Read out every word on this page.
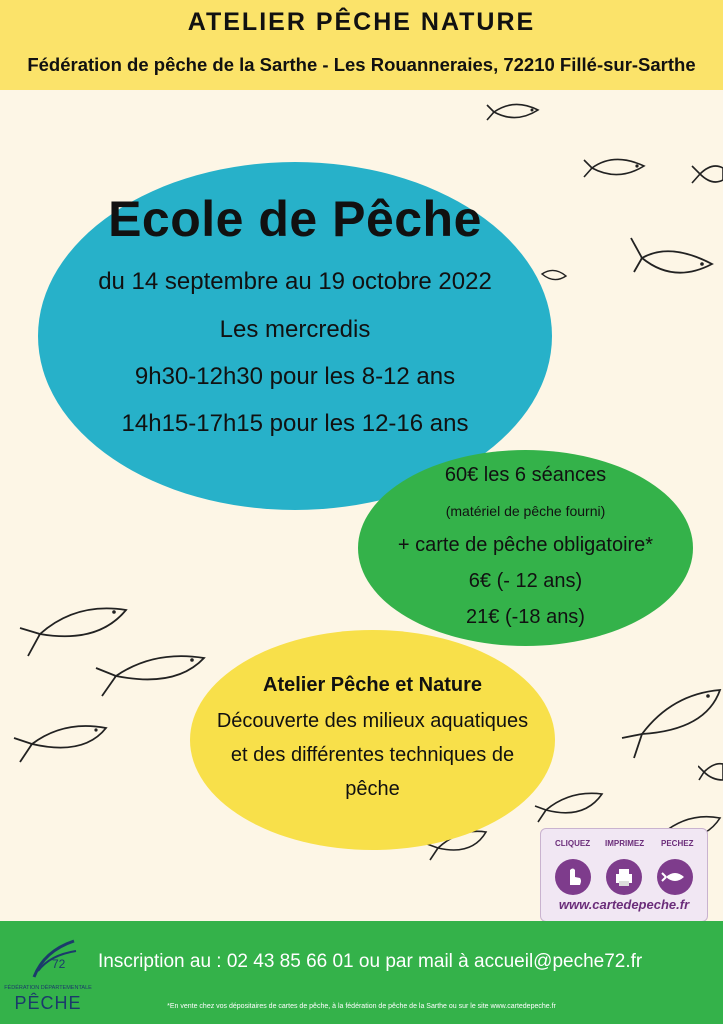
ATELIER PÊCHE NATURE
Fédération de pêche de la Sarthe - Les Rouanneraies, 72210 Fillé-sur-Sarthe
Ecole de Pêche
du 14 septembre au 19 octobre 2022
Les mercredis
9h30-12h30 pour les 8-12 ans
14h15-17h15 pour les 12-16 ans
60€ les 6 séances
(matériel de pêche fourni)
+ carte de pêche obligatoire*
6€ (- 12 ans)
21€ (-18 ans)
Atelier Pêche et Nature
Découverte des milieux aquatiques
et des différentes techniques de
pêche
CLIQUEZ IMPRIMEZ PECHEZ
www.cartedepeche.fr
72
FÉDÉRATION DÉPARTEMENTALE
PÊCHE
Inscription au : 02 43 85 66 01 ou par mail à accueil@peche72.fr
*En vente chez vos dépositaires de cartes de pêche, à la fédération de pêche de la Sarthe ou sur le site www.cartedepeche.fr
